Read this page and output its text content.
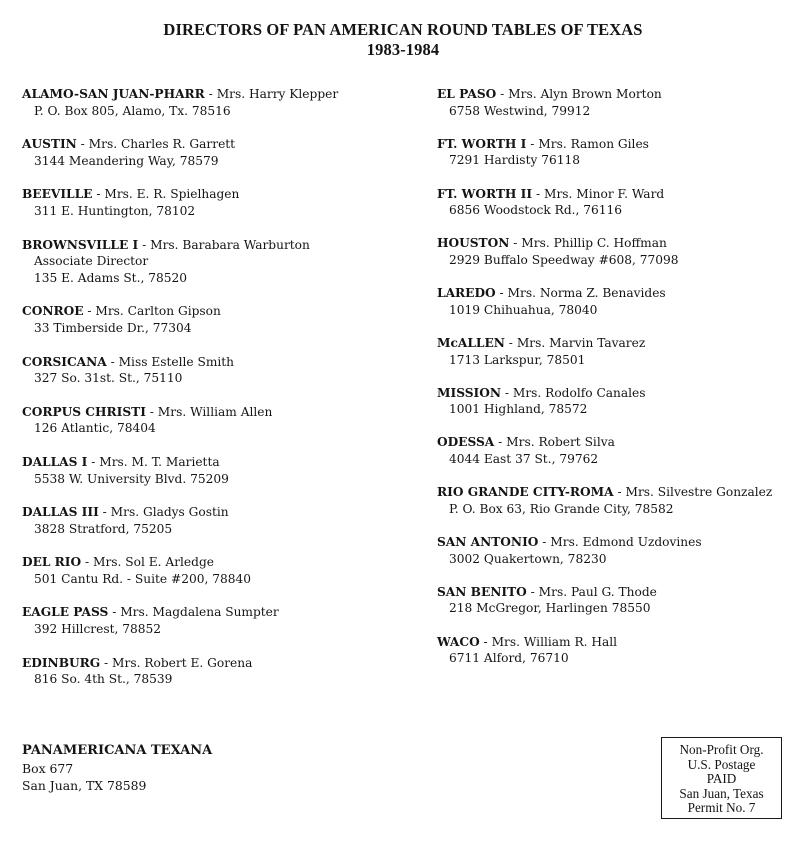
DIRECTORS OF PAN AMERICAN ROUND TABLES OF TEXAS
1983-1984
ALAMO-SAN JUAN-PHARR - Mrs. Harry Klepper
P. O. Box 805, Alamo, Tx. 78516
AUSTIN - Mrs. Charles R. Garrett
3144 Meandering Way, 78579
BEEVILLE - Mrs. E. R. Spielhagen
311 E. Huntington, 78102
BROWNSVILLE I - Mrs. Barabara Warburton
Associate Director
135 E. Adams St., 78520
CONROE - Mrs. Carlton Gipson
33 Timberside Dr., 77304
CORSICANA - Miss Estelle Smith
327 So. 31st. St., 75110
CORPUS CHRISTI - Mrs. William Allen
126 Atlantic, 78404
DALLAS I - Mrs. M. T. Marietta
5538 W. University Blvd. 75209
DALLAS III - Mrs. Gladys Gostin
3828 Stratford, 75205
DEL RIO - Mrs. Sol E. Arledge
501 Cantu Rd. - Suite #200, 78840
EAGLE PASS - Mrs. Magdalena Sumpter
392 Hillcrest, 78852
EDINBURG - Mrs. Robert E. Gorena
816 So. 4th St., 78539
EL PASO - Mrs. Alyn Brown Morton
6758 Westwind, 79912
FT. WORTH I - Mrs. Ramon Giles
7291 Hardisty 76118
FT. WORTH II - Mrs. Minor F. Ward
6856 Woodstock Rd., 76116
HOUSTON - Mrs. Phillip C. Hoffman
2929 Buffalo Speedway #608, 77098
LAREDO - Mrs. Norma Z. Benavides
1019 Chihuahua, 78040
McALLEN - Mrs. Marvin Tavarez
1713 Larkspur, 78501
MISSION - Mrs. Rodolfo Canales
1001 Highland, 78572
ODESSA - Mrs. Robert Silva
4044 East 37 St., 79762
RIO GRANDE CITY-ROMA - Mrs. Silvestre Gonzalez
P. O. Box 63, Rio Grande City, 78582
SAN ANTONIO - Mrs. Edmond Uzdovines
3002 Quakertown, 78230
SAN BENITO - Mrs. Paul G. Thode
218 McGregor, Harlingen 78550
WACO - Mrs. William R. Hall
6711 Alford, 76710
PANAMERICANA TEXANA
Box 677
San Juan, TX 78589
Non-Profit Org.
U.S. Postage
PAID
San Juan, Texas
Permit No. 7
